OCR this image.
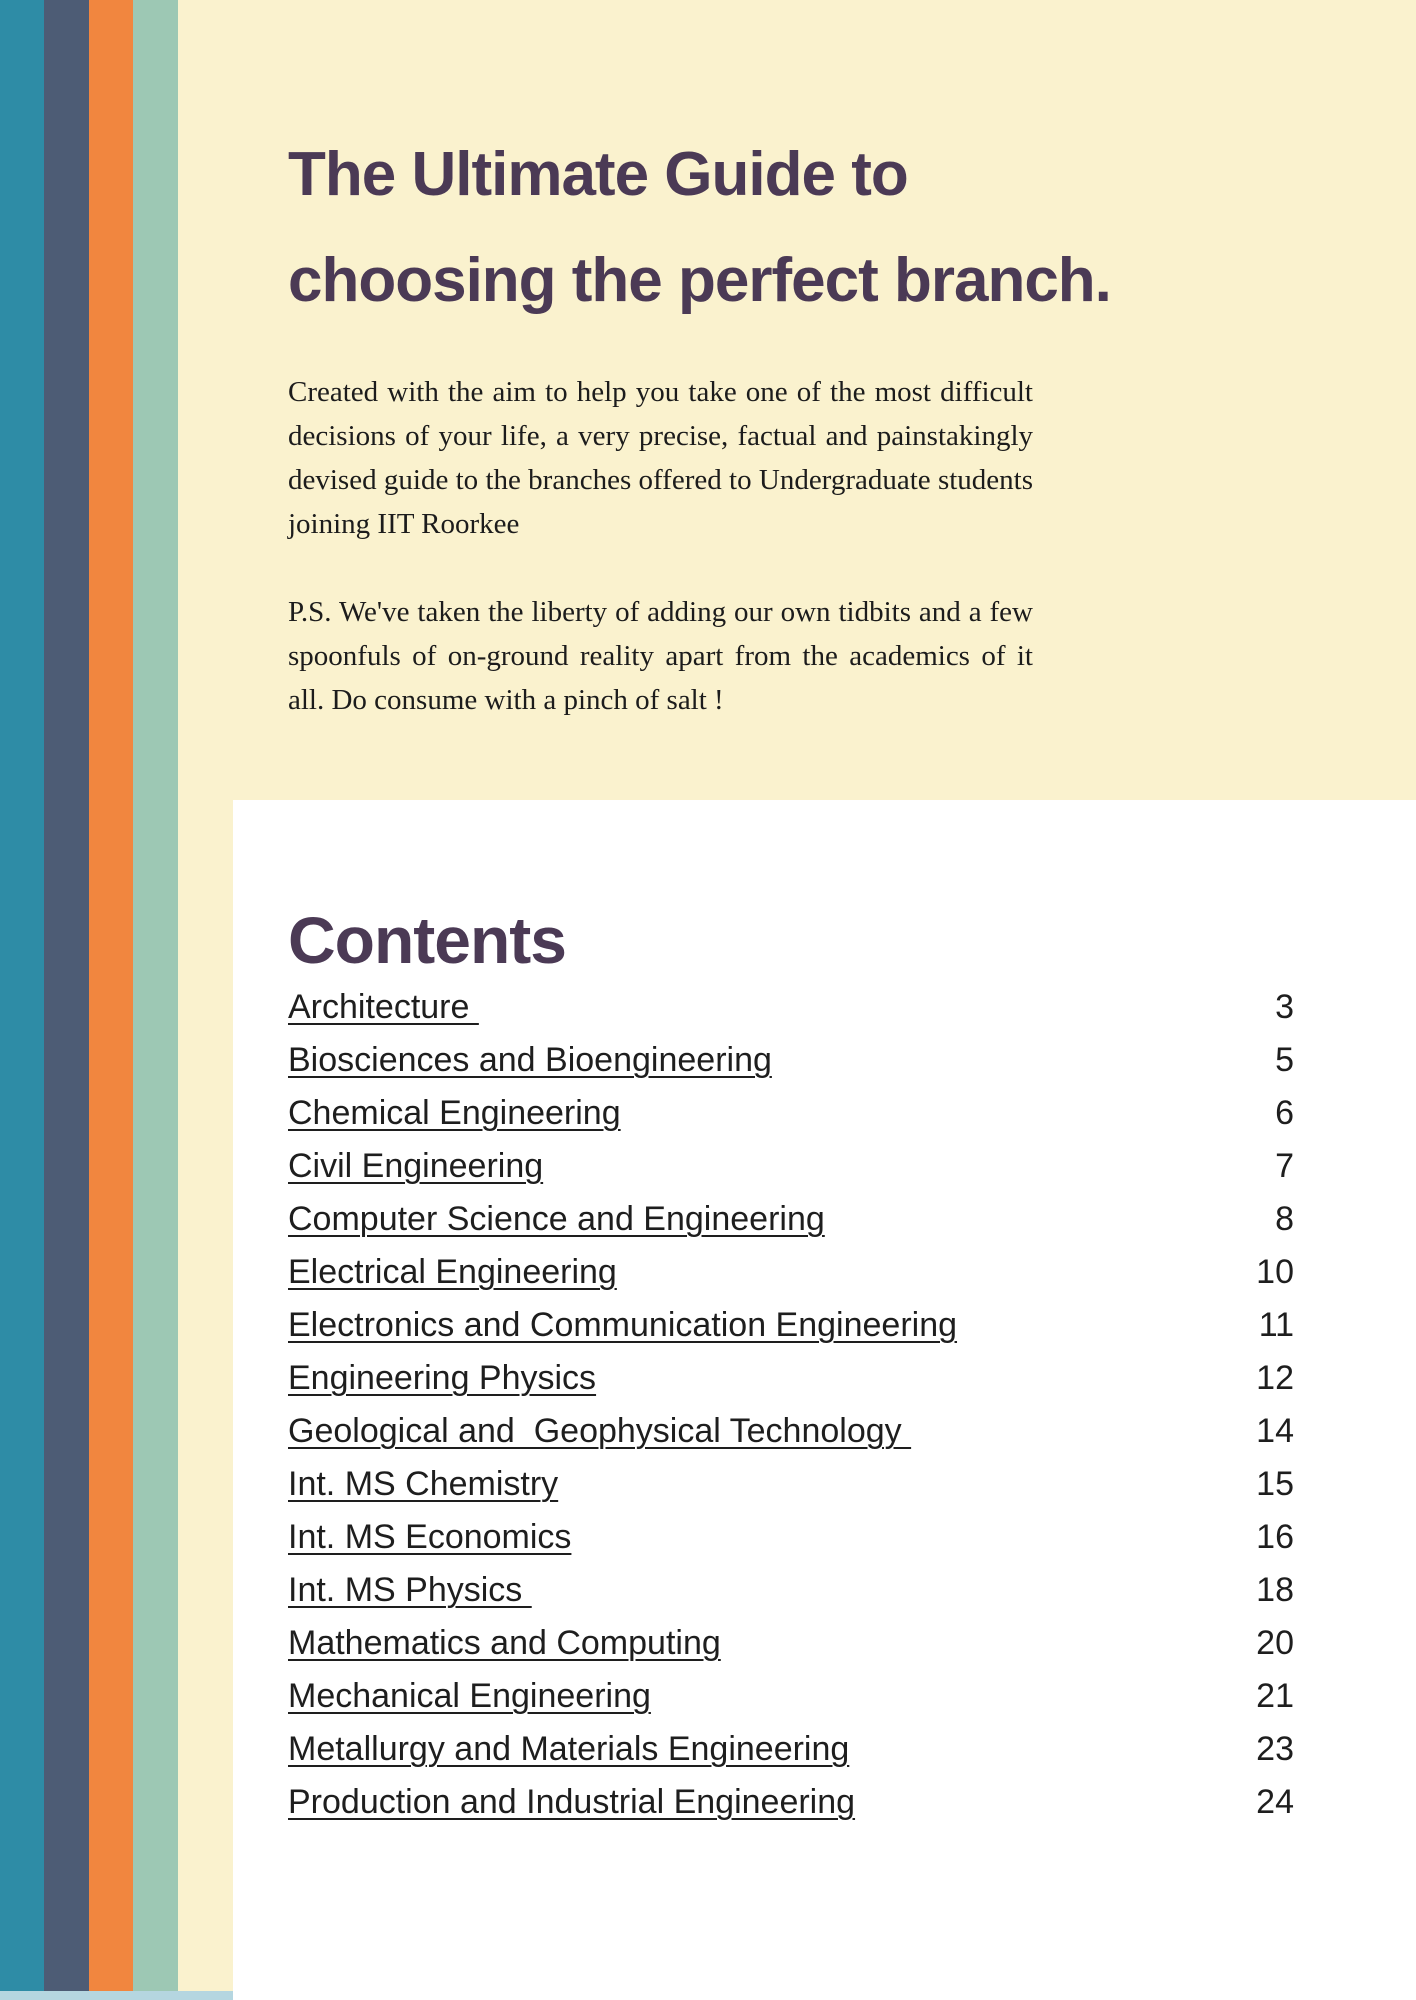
The Ultimate Guide to
choosing the perfect branch.

Created with the aim to help you take one of the most difficult decisions of your life, a very precise, factual and painstakingly devised guide to the branches offered to Undergraduate students joining IIT Roorkee

P.S. We've taken the liberty of adding our own tidbits and a few spoonfuls of on-ground reality apart from the academics of it all. Do consume with a pinch of salt !

Contents
Architecture	3
Biosciences and Bioengineering	5
Chemical Engineering	6
Civil Engineering	7
Computer Science and Engineering	8
Electrical Engineering	10
Electronics and Communication Engineering	11
Engineering Physics	12
Geological and  Geophysical Technology	14
Int. MS Chemistry	15
Int. MS Economics	16
Int. MS Physics	18
Mathematics and Computing	20
Mechanical Engineering	21
Metallurgy and Materials Engineering	23
Production and Industrial Engineering	24
